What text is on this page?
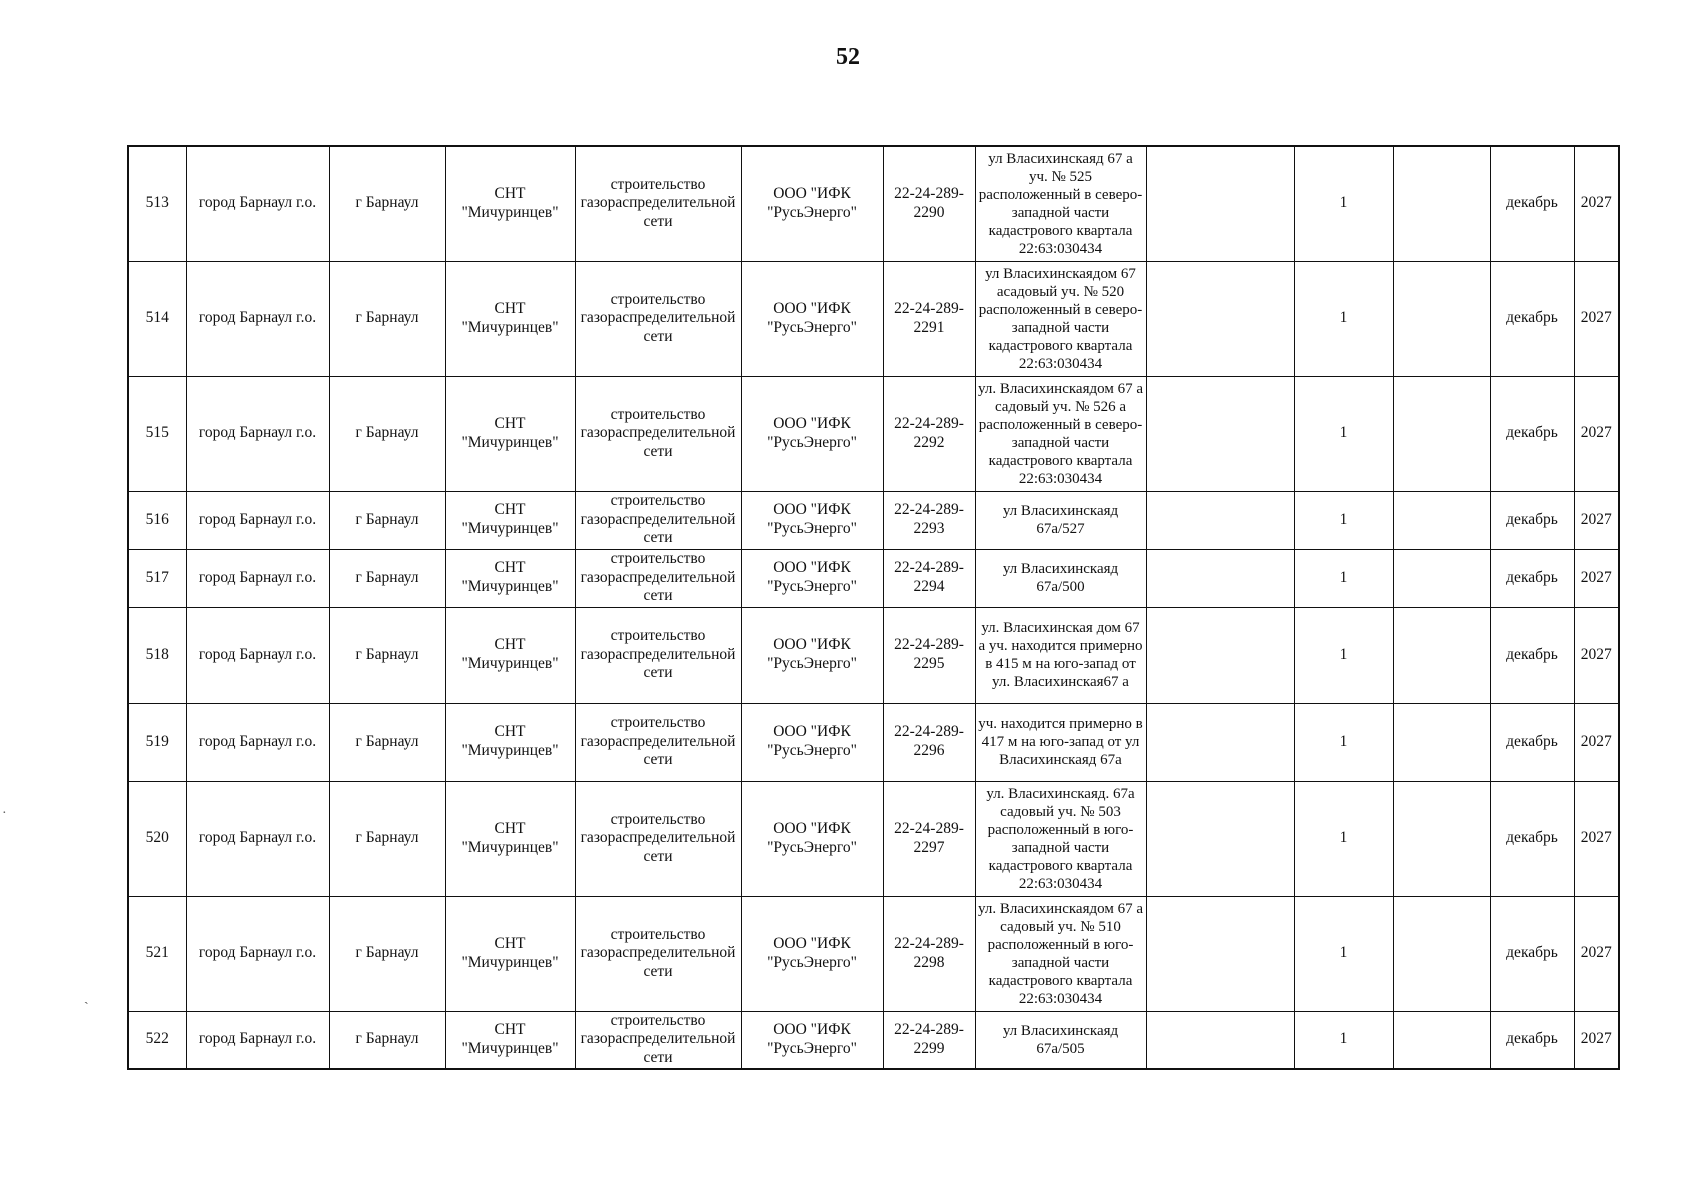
52
·
ˏ
513	город Барнаул г.о.	г Барнаул	СНТ "Мичуринцев"	строительство газораспределительной сети	ООО "ИФК "РусьЭнерго"	22-24-289-2290	ул Власихинскаяд 67 а уч. № 525 расположенный в северо-западной части кадастрового квартала 22:63:030434		1		декабрь	2027
514	город Барнаул г.о.	г Барнаул	СНТ "Мичуринцев"	строительство газораспределительной сети	ООО "ИФК "РусьЭнерго"	22-24-289-2291	ул Власихинскаядом 67 асадовый уч. № 520 расположенный в северо-западной части кадастрового квартала 22:63:030434		1		декабрь	2027
515	город Барнаул г.о.	г Барнаул	СНТ "Мичуринцев"	строительство газораспределительной сети	ООО "ИФК "РусьЭнерго"	22-24-289-2292	ул. Власихинскаядом 67 а садовый уч. № 526 а расположенный в северо-западной части кадастрового квартала 22:63:030434		1		декабрь	2027
516	город Барнаул г.о.	г Барнаул	СНТ "Мичуринцев"	строительство газораспределительной сети	ООО "ИФК "РусьЭнерго"	22-24-289-2293	ул Власихинскаяд 67а/527		1		декабрь	2027
517	город Барнаул г.о.	г Барнаул	СНТ "Мичуринцев"	строительство газораспределительной сети	ООО "ИФК "РусьЭнерго"	22-24-289-2294	ул Власихинскаяд 67а/500		1		декабрь	2027
518	город Барнаул г.о.	г Барнаул	СНТ "Мичуринцев"	строительство газораспределительной сети	ООО "ИФК "РусьЭнерго"	22-24-289-2295	ул. Власихинская дом 67 а уч. находится примерно в 415 м на юго-запад от ул. Власихинская67 а		1		декабрь	2027
519	город Барнаул г.о.	г Барнаул	СНТ "Мичуринцев"	строительство газораспределительной сети	ООО "ИФК "РусьЭнерго"	22-24-289-2296	уч. находится примерно в 417 м на юго-запад от ул Власихинскаяд 67а		1		декабрь	2027
520	город Барнаул г.о.	г Барнаул	СНТ "Мичуринцев"	строительство газораспределительной сети	ООО "ИФК "РусьЭнерго"	22-24-289-2297	ул. Власихинскаяд. 67а садовый уч. № 503 расположенный в юго-западной части кадастрового квартала 22:63:030434		1		декабрь	2027
521	город Барнаул г.о.	г Барнаул	СНТ "Мичуринцев"	строительство газораспределительной сети	ООО "ИФК "РусьЭнерго"	22-24-289-2298	ул. Власихинскаядом 67 а садовый уч. № 510 расположенный в юго-западной части кадастрового квартала 22:63:030434		1		декабрь	2027
522	город Барнаул г.о.	г Барнаул	СНТ "Мичуринцев"	строительство газораспределительной сети	ООО "ИФК "РусьЭнерго"	22-24-289-2299	ул Власихинскаяд 67а/505		1		декабрь	2027
